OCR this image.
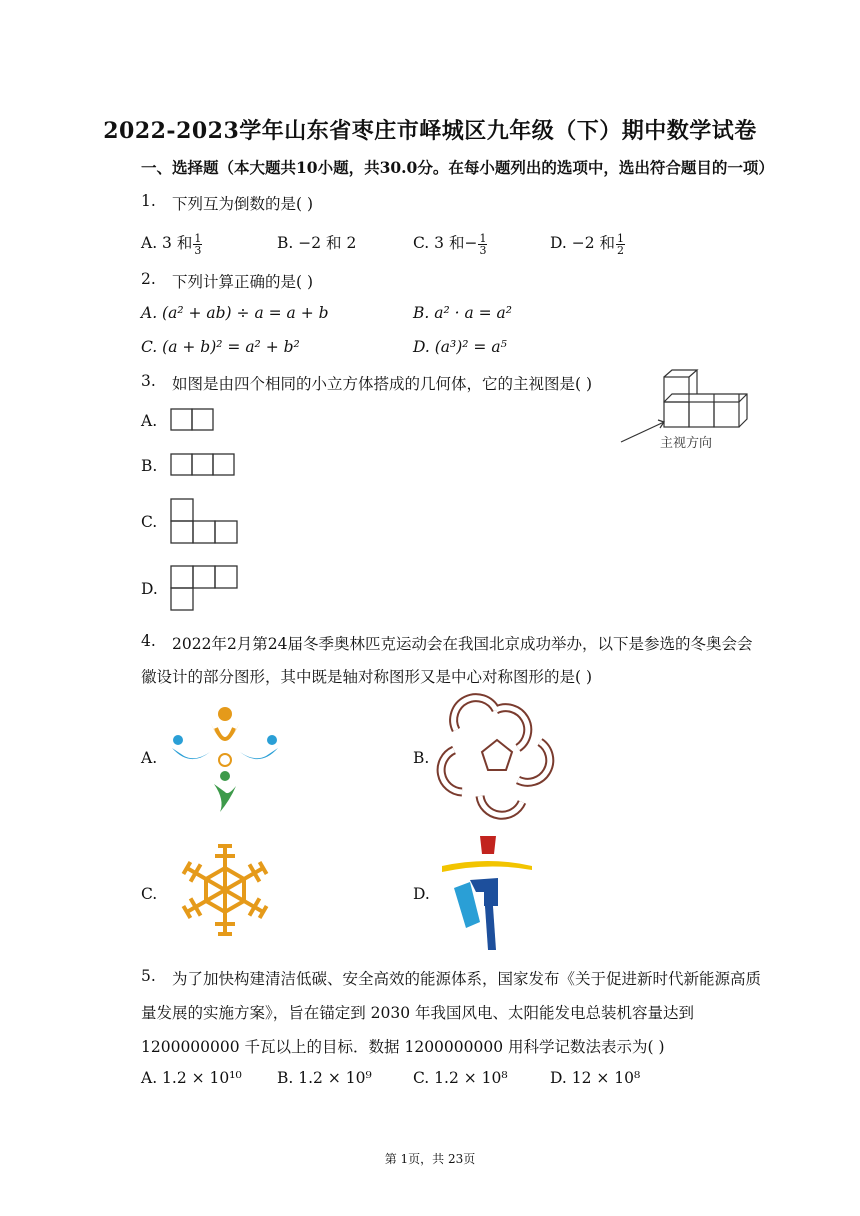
2022-2023学年山东省枣庄市峄城区九年级（下）期中数学试卷
一、选择题（本大题共10小题，共30.0分。在每小题列出的选项中，选出符合题目的一项）
1. 下列互为倒数的是( )
A. 3 和 $\frac{1}{3}$	B. −2 和 2	C. 3 和− $\frac{1}{3}$	D. −2 和 $\frac{1}{2}$
2. 下列计算正确的是( )
A. (a² + ab) ÷ a = a + b	B. a² · a = a²
C. (a + b)² = a² + b²	D. (a³)² = a⁵
3. 如图是由四个相同的小立方体搭成的几何体，它的主视图是( )
主视方向
A.
B.
C.
D.
4. 2022年2月第24届冬季奥林匹克运动会在我国北京成功举办，以下是参选的冬奥会会
徽设计的部分图形，其中既是轴对称图形又是中心对称图形的是( )
A.	B.
C.	D.
5. 为了加快构建清洁低碳、安全高效的能源体系，国家发布《关于促进新时代新能源高质
量发展的实施方案》，旨在锚定到 2030 年我国风电、太阳能发电总装机容量达到
1200000000 千瓦以上的目标．数据 1200000000 用科学记数法表示为( )
A. 1.2 × 10¹⁰ B. 1.2 × 10⁹	C. 1.2 × 10⁸	D. 12 × 10⁸
第 1页，共 23页
